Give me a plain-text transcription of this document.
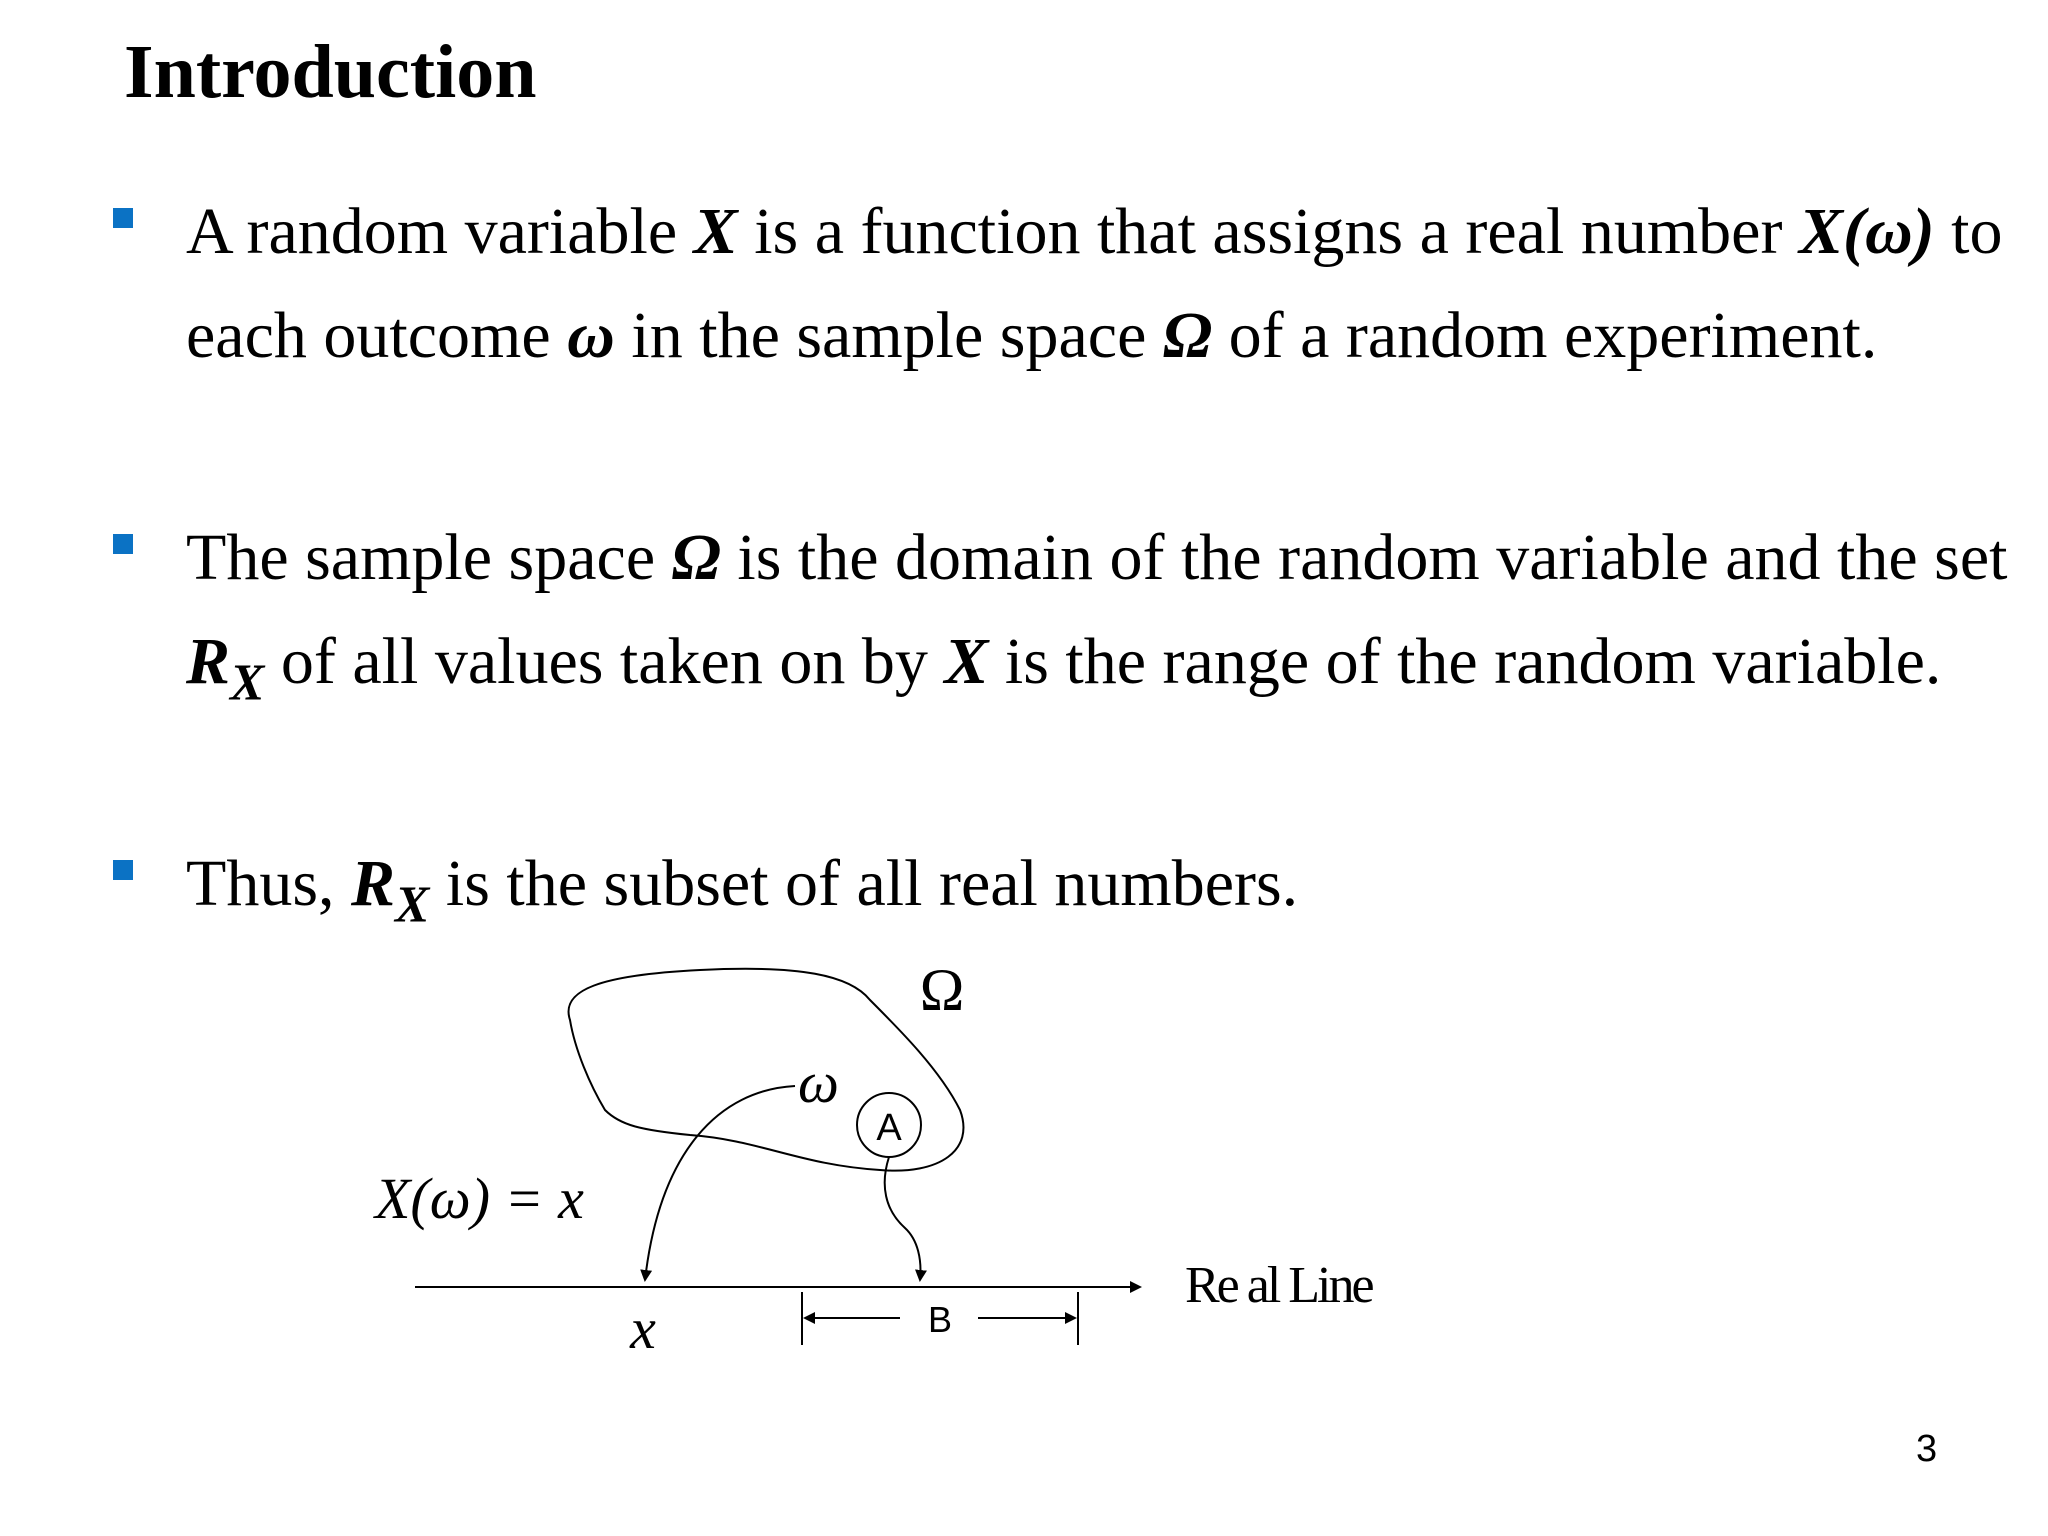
Introduction

A random variable X is a function that assigns a real number X(ω) to each outcome ω in the sample space Ω of a random experiment.

The sample space Ω is the domain of the random variable and the set $R_X$ of all values taken on by X is the range of the random variable.

Thus, $R_X$ is the subset of all real numbers.

Ω
ω
A
X(ω) = x
Re al Line
x	B
3
